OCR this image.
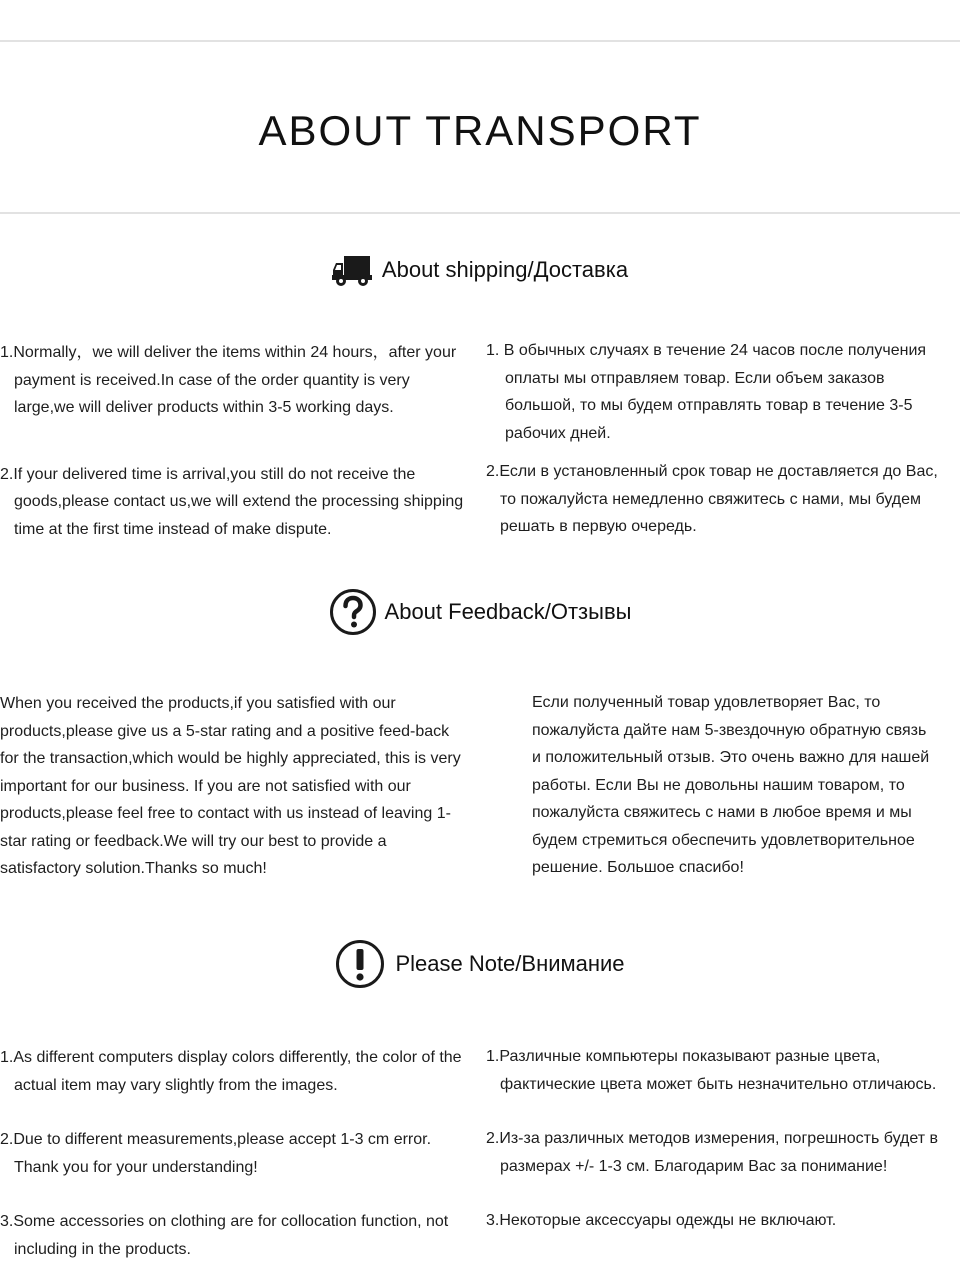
ABOUT TRANSPORT
About shipping/Доставка
1.Normally，we will deliver the items within 24 hours，after your payment is received.In case of the order quantity is very large,we will deliver products within 3-5 working days.
2.If your delivered time is arrival,you still do not receive the goods,please contact us,we will extend the processing shipping time at the first time instead of make dispute.
1. В обычных случаях в течение 24 часов после получения оплаты мы отправляем товар. Если объем заказов большой, то мы будем отправлять товар в течение 3-5 рабочих дней.
2.Если в установленный срок товар не доставляется до Вас, то пожалуйста немедленно свяжитесь с нами, мы будем решать в первую очередь.
About Feedback/Отзывы
When you received the products,if you satisfied with our products,please give us a 5-star rating and a positive feed-back for the transaction,which would be highly appreciated, this is very important for our business. If you are not satisfied with our products,please feel free to contact with us instead of leaving 1- star rating or feedback.We will try our best to provide a satisfactory solution.Thanks so much!
Если полученный товар удовлетворяет Вас, то пожалуйста дайте нам 5-звездочную обратную связь и положительный отзыв. Это очень важно для нашей работы. Если Вы не довольны нашим товаром, то пожалуйста свяжитесь с нами в любое время и мы будем стремиться обеспечить удовлетворительное решение. Большое спасибо!
Please Note/Внимание
1.As different computers display colors differently, the color of the actual item may vary slightly from the images.
2.Due to different measurements,please accept 1-3 cm error. Thank you for your understanding!
3.Some accessories on clothing are for collocation function, not including in the products.
1.Различные компьютеры показывают разные цвета, фактические цвета может быть незначительно отличаюсь.
2.Из-за различных методов измерения, погрешность будет в размерах +/- 1-3 см. Благодарим Вас за понимание!
3.Некоторые аксессуары одежды не включают.
